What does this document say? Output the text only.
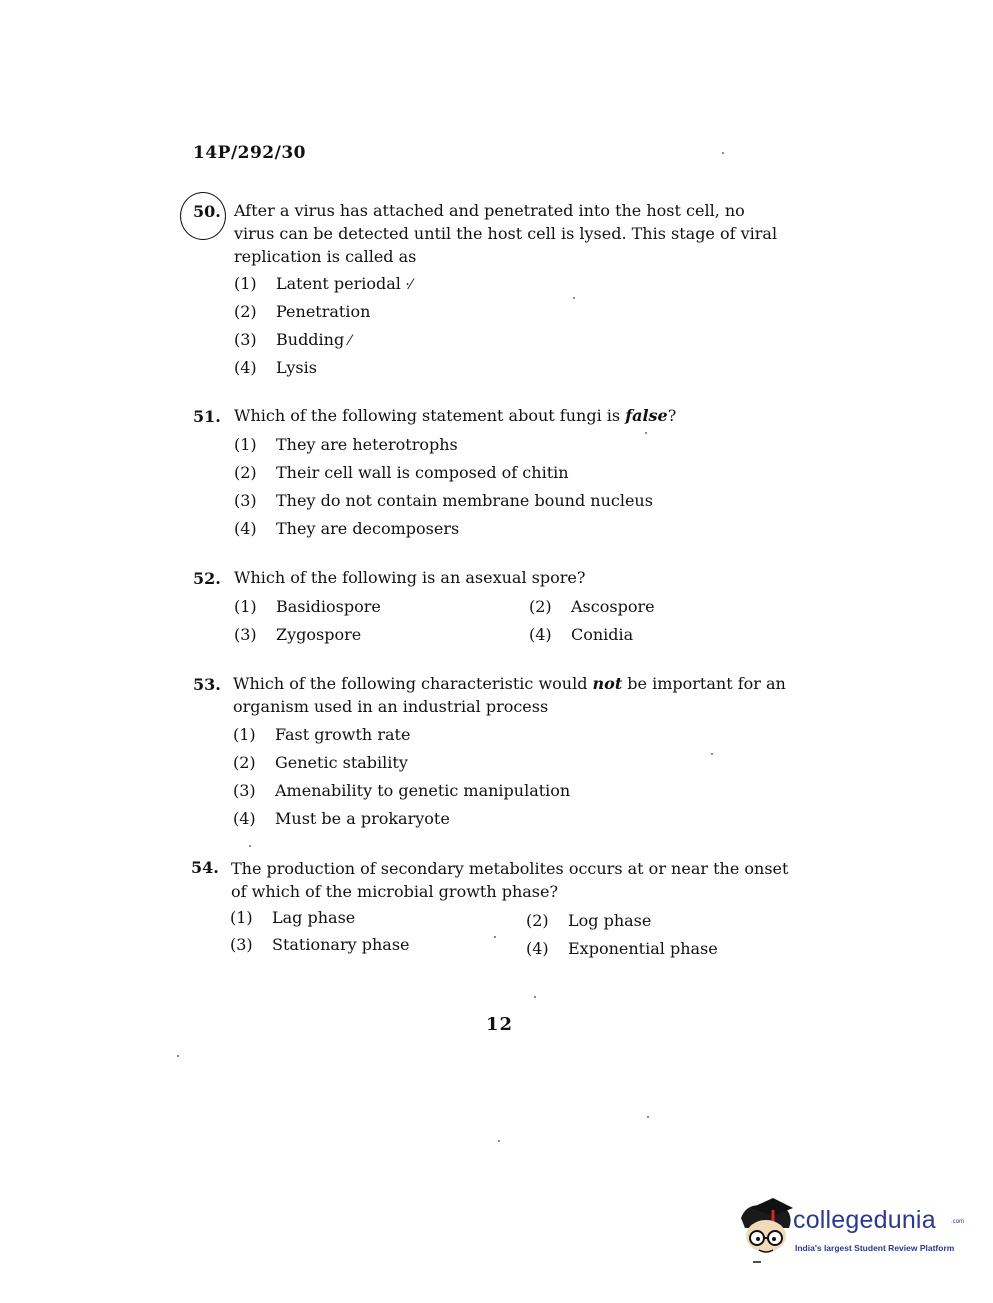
14P/292/30
50. After a virus has attached and penetrated into the host cell, no
virus can be detected until the host cell is lysed. This stage of viral
replication is called as
(1) Latent periodal ·⁄
(2) Penetration
(3) Budding ⁄
(4) Lysis
51. Which of the following statement about fungi is false?
(1) They are heterotrophs
(2) Their cell wall is composed of chitin
(3) They do not contain membrane bound nucleus
(4) They are decomposers
52. Which of the following is an asexual spore?
(1) Basidiospore	(2) Ascospore
(3) Zygospore	(4) Conidia
53. Which of the following characteristic would not be important for an
organism used in an industrial process
(1) Fast growth rate
(2) Genetic stability
(3) Amenability to genetic manipulation
(4) Must be a prokaryote
54. The production of secondary metabolites occurs at or near the onset
of which of the microbial growth phase?
(1) Lag phase	(2) Log phase
(3) Stationary phase	(4) Exponential phase
12
collegedunia	.com
India's largest Student Review Platform
